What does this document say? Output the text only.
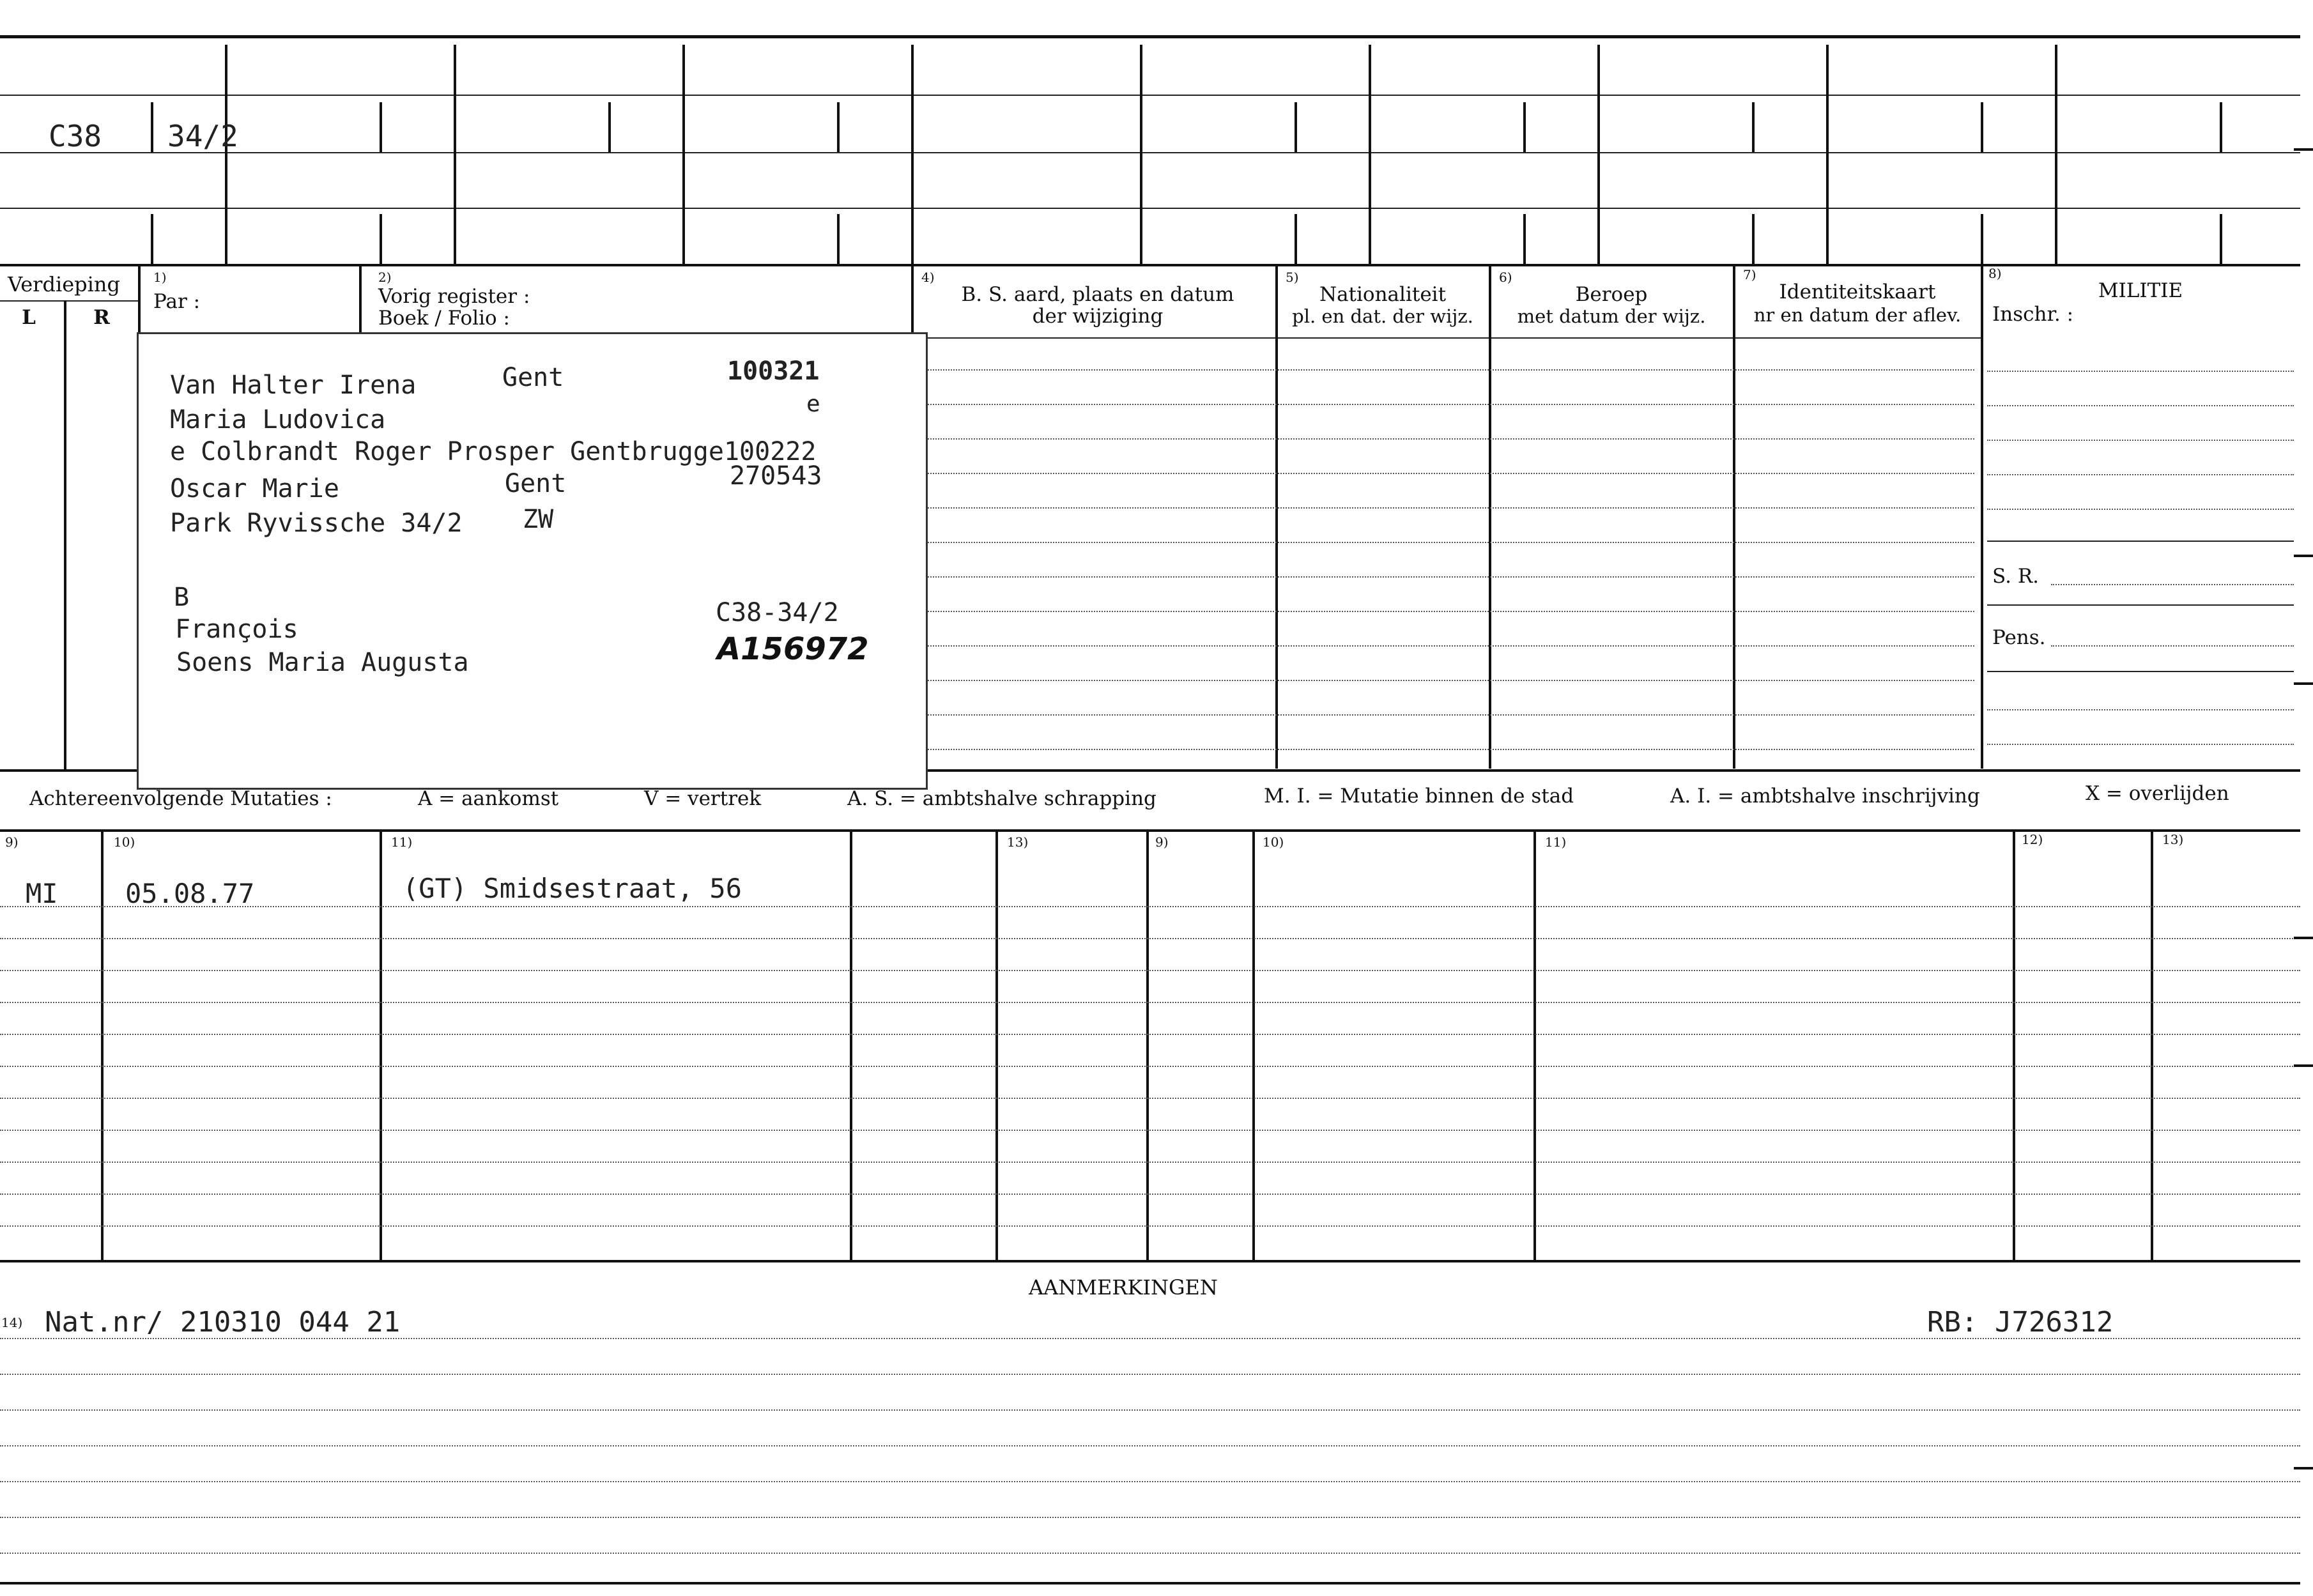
C38 34/2
Verdieping
L	R
1)
Par :
2)
Vorig register :
Boek / Folio :
4)
B. S. aard, plaats en datum
der wijziging
5)
Nationaliteit
pl. en dat. der wijz.
6)
Beroep
met datum der wijz.
7)
Identiteitskaart
nr en datum der aflev.
8)
MILITIE
Inschr. :
S. R.
Pens.
Van Halter Irena	Gent	100321
Maria Ludovica
e
e Colbrandt Roger Prosper Gentbrugge100222
Oscar Marie	Gent	270543
Park Ryvissche 34/2 ZW
B
François
C38-34/2
Soens Maria Augusta	A156972
Achtereenvolgende Mutaties :	A = aankomst	V = vertrek	A. S. = ambtshalve schrapping	M. I. = Mutatie binnen de stad	A. I. = ambtshalve inschrijving	X = overlijden
9)	10)	11)	13)	9)	10)	11)	12)	13)
MI	05.08.77	(GT) Smidsestraat, 56
AANMERKINGEN
14) Nat.nr/ 210310 044 21	RB: J726312
